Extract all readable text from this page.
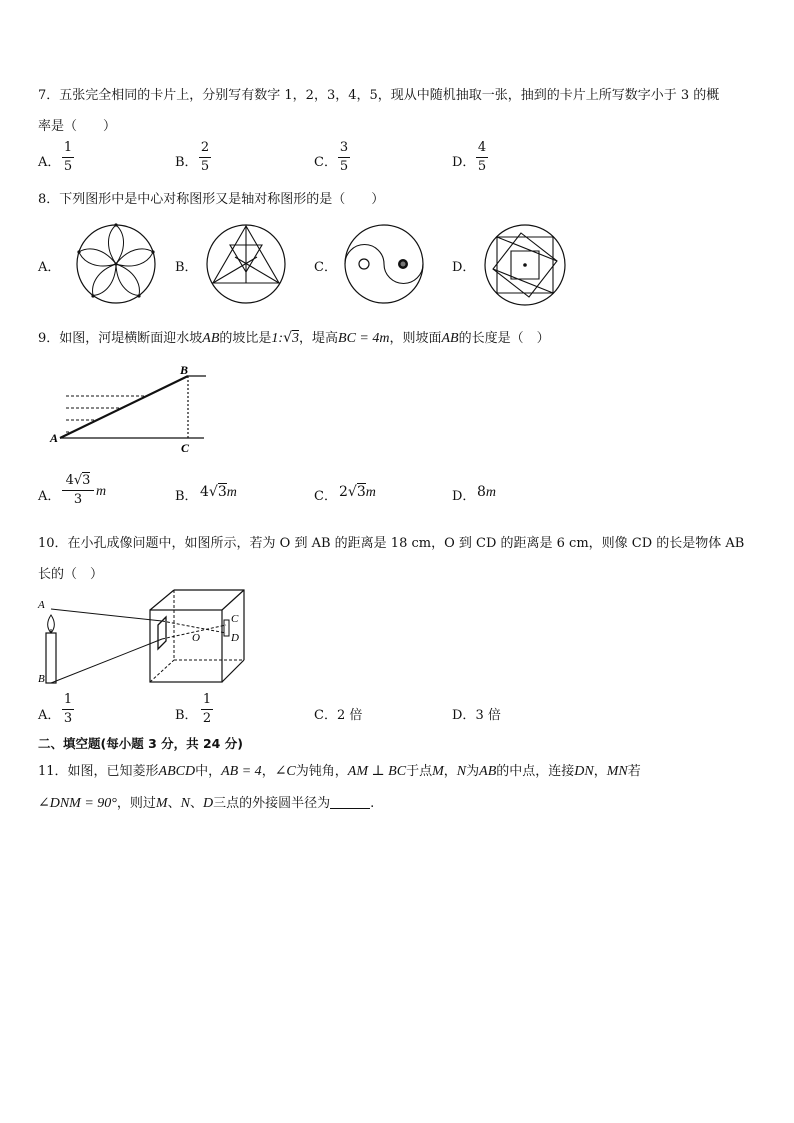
7．五张完全相同的卡片上，分别写有数字 1，2，3，4，5，现从中随机抽取一张，抽到的卡片上所写数字小于 3 的概
率是（　　）
A．
1
5	B．
2
5	C．
3
5	D．
4
5
8．下列图形中是中心对称图形又是轴对称图形的是（　　）
A．	B．	C．	D．
9．如图，河堤横断面迎水坡AB的坡比是1:√3，堤高BC = 4m，则坡面AB的长度是（　）
A
B
C
A．
4√3
3
m	B． 4√3m	C． 2√3m	D． 8m
10．在小孔成像问题中，如图所示，若为 O 到 AB 的距离是 18 cm，O 到 CD 的距离是 6 cm，则像 CD 的长是物体 AB
长的（　）
A
B
C
D
O
A．
1
3	B．
1
2	C．2 倍	D．3 倍
二、填空题(每小题 3 分，共 24 分)
11．如图，已知菱形ABCD中，AB = 4，∠C为钝角，AM ⊥ BC于点M，N为AB的中点，连接DN，MN若
∠DNM = 90°，则过M、N、D三点的外接圆半径为	.
